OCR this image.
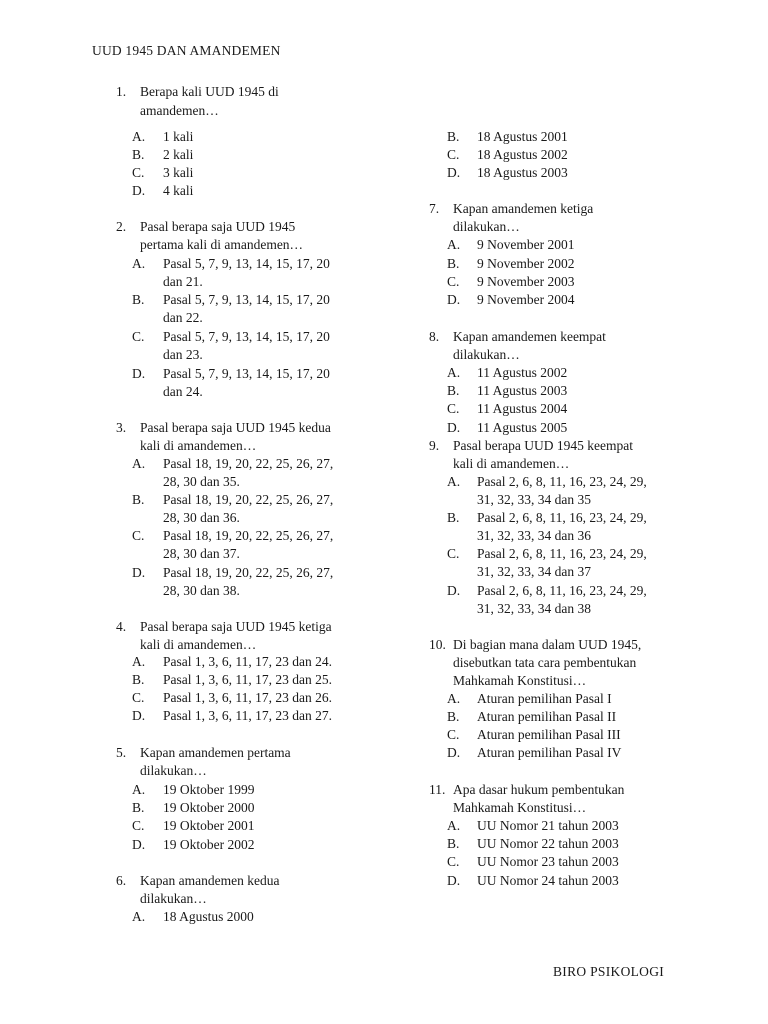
UUD 1945 DAN AMANDEMEN
1. Berapa kali UUD 1945 di
amandemen…
A. 1 kali
B. 2 kali
C. 3 kali
D. 4 kali
2. Pasal berapa saja UUD 1945
pertama kali di amandemen…
A. Pasal 5, 7, 9, 13, 14, 15, 17, 20
dan 21.
B. Pasal 5, 7, 9, 13, 14, 15, 17, 20
dan 22.
C. Pasal 5, 7, 9, 13, 14, 15, 17, 20
dan 23.
D. Pasal 5, 7, 9, 13, 14, 15, 17, 20
dan 24.
3. Pasal berapa saja UUD 1945 kedua
kali di amandemen…
A. Pasal 18, 19, 20, 22, 25, 26, 27,
28, 30 dan 35.
B. Pasal 18, 19, 20, 22, 25, 26, 27,
28, 30 dan 36.
C. Pasal 18, 19, 20, 22, 25, 26, 27,
28, 30 dan 37.
D. Pasal 18, 19, 20, 22, 25, 26, 27,
28, 30 dan 38.
4. Pasal berapa saja UUD 1945 ketiga
kali di amandemen…
A. Pasal 1, 3, 6, 11, 17, 23 dan 24.
B. Pasal 1, 3, 6, 11, 17, 23 dan 25.
C. Pasal 1, 3, 6, 11, 17, 23 dan 26.
D. Pasal 1, 3, 6, 11, 17, 23 dan 27.
5. Kapan amandemen pertama
dilakukan…
A. 19 Oktober 1999
B. 19 Oktober 2000
C. 19 Oktober 2001
D. 19 Oktober 2002
6. Kapan amandemen kedua
dilakukan…
A. 18 Agustus 2000
B. 18 Agustus 2001
C. 18 Agustus 2002
D. 18 Agustus 2003
7. Kapan amandemen ketiga
dilakukan…
A. 9 November 2001
B. 9 November 2002
C. 9 November 2003
D. 9 November 2004
8. Kapan amandemen keempat
dilakukan…
A. 11 Agustus 2002
B. 11 Agustus 2003
C. 11 Agustus 2004
D. 11 Agustus 2005
9. Pasal berapa UUD 1945 keempat
kali di amandemen…
A. Pasal 2, 6, 8, 11, 16, 23, 24, 29,
31, 32, 33, 34 dan 35
B. Pasal 2, 6, 8, 11, 16, 23, 24, 29,
31, 32, 33, 34 dan 36
C. Pasal 2, 6, 8, 11, 16, 23, 24, 29,
31, 32, 33, 34 dan 37
D. Pasal 2, 6, 8, 11, 16, 23, 24, 29,
31, 32, 33, 34 dan 38
10. Di bagian mana dalam UUD 1945,
disebutkan tata cara pembentukan
Mahkamah Konstitusi…
A. Aturan pemilihan Pasal I
B. Aturan pemilihan Pasal II
C. Aturan pemilihan Pasal III
D. Aturan pemilihan Pasal IV
11. Apa dasar hukum pembentukan
Mahkamah Konstitusi…
A. UU Nomor 21 tahun 2003
B. UU Nomor 22 tahun 2003
C. UU Nomor 23 tahun 2003
D. UU Nomor 24 tahun 2003
BIRO PSIKOLOGI
